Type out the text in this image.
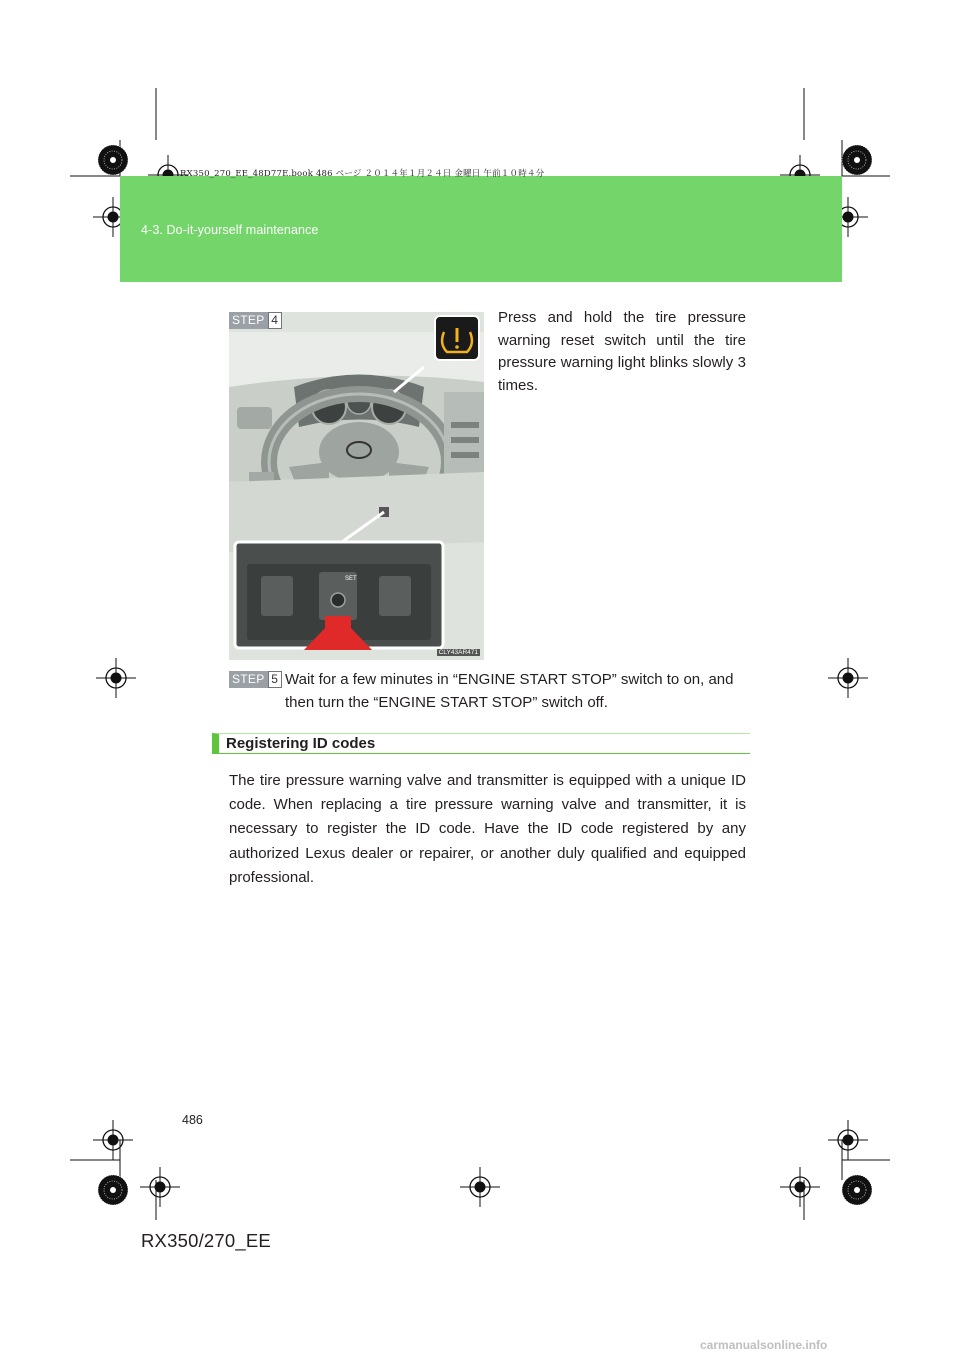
RX350_270_EE_48D77E.book 486 ページ ２０１４年１月２４日 金曜日 午前１０時４分
4-3. Do-it-yourself maintenance
STEP 4
SET
CLY43AR471
Press and hold the tire pressure warning reset switch until the tire pressure warning light blinks slowly 3 times.
STEP 5 Wait for a few minutes in “ENGINE START STOP” switch to on, and then turn the “ENGINE START STOP” switch off.
Registering ID codes
The tire pressure warning valve and transmitter is equipped with a unique ID code. When replacing a tire pressure warning valve and transmitter, it is necessary to register the ID code. Have the ID code registered by any authorized Lexus dealer or repairer, or another duly qualified and equipped professional.
486
RX350/270_EE
carmanualsonline.info
